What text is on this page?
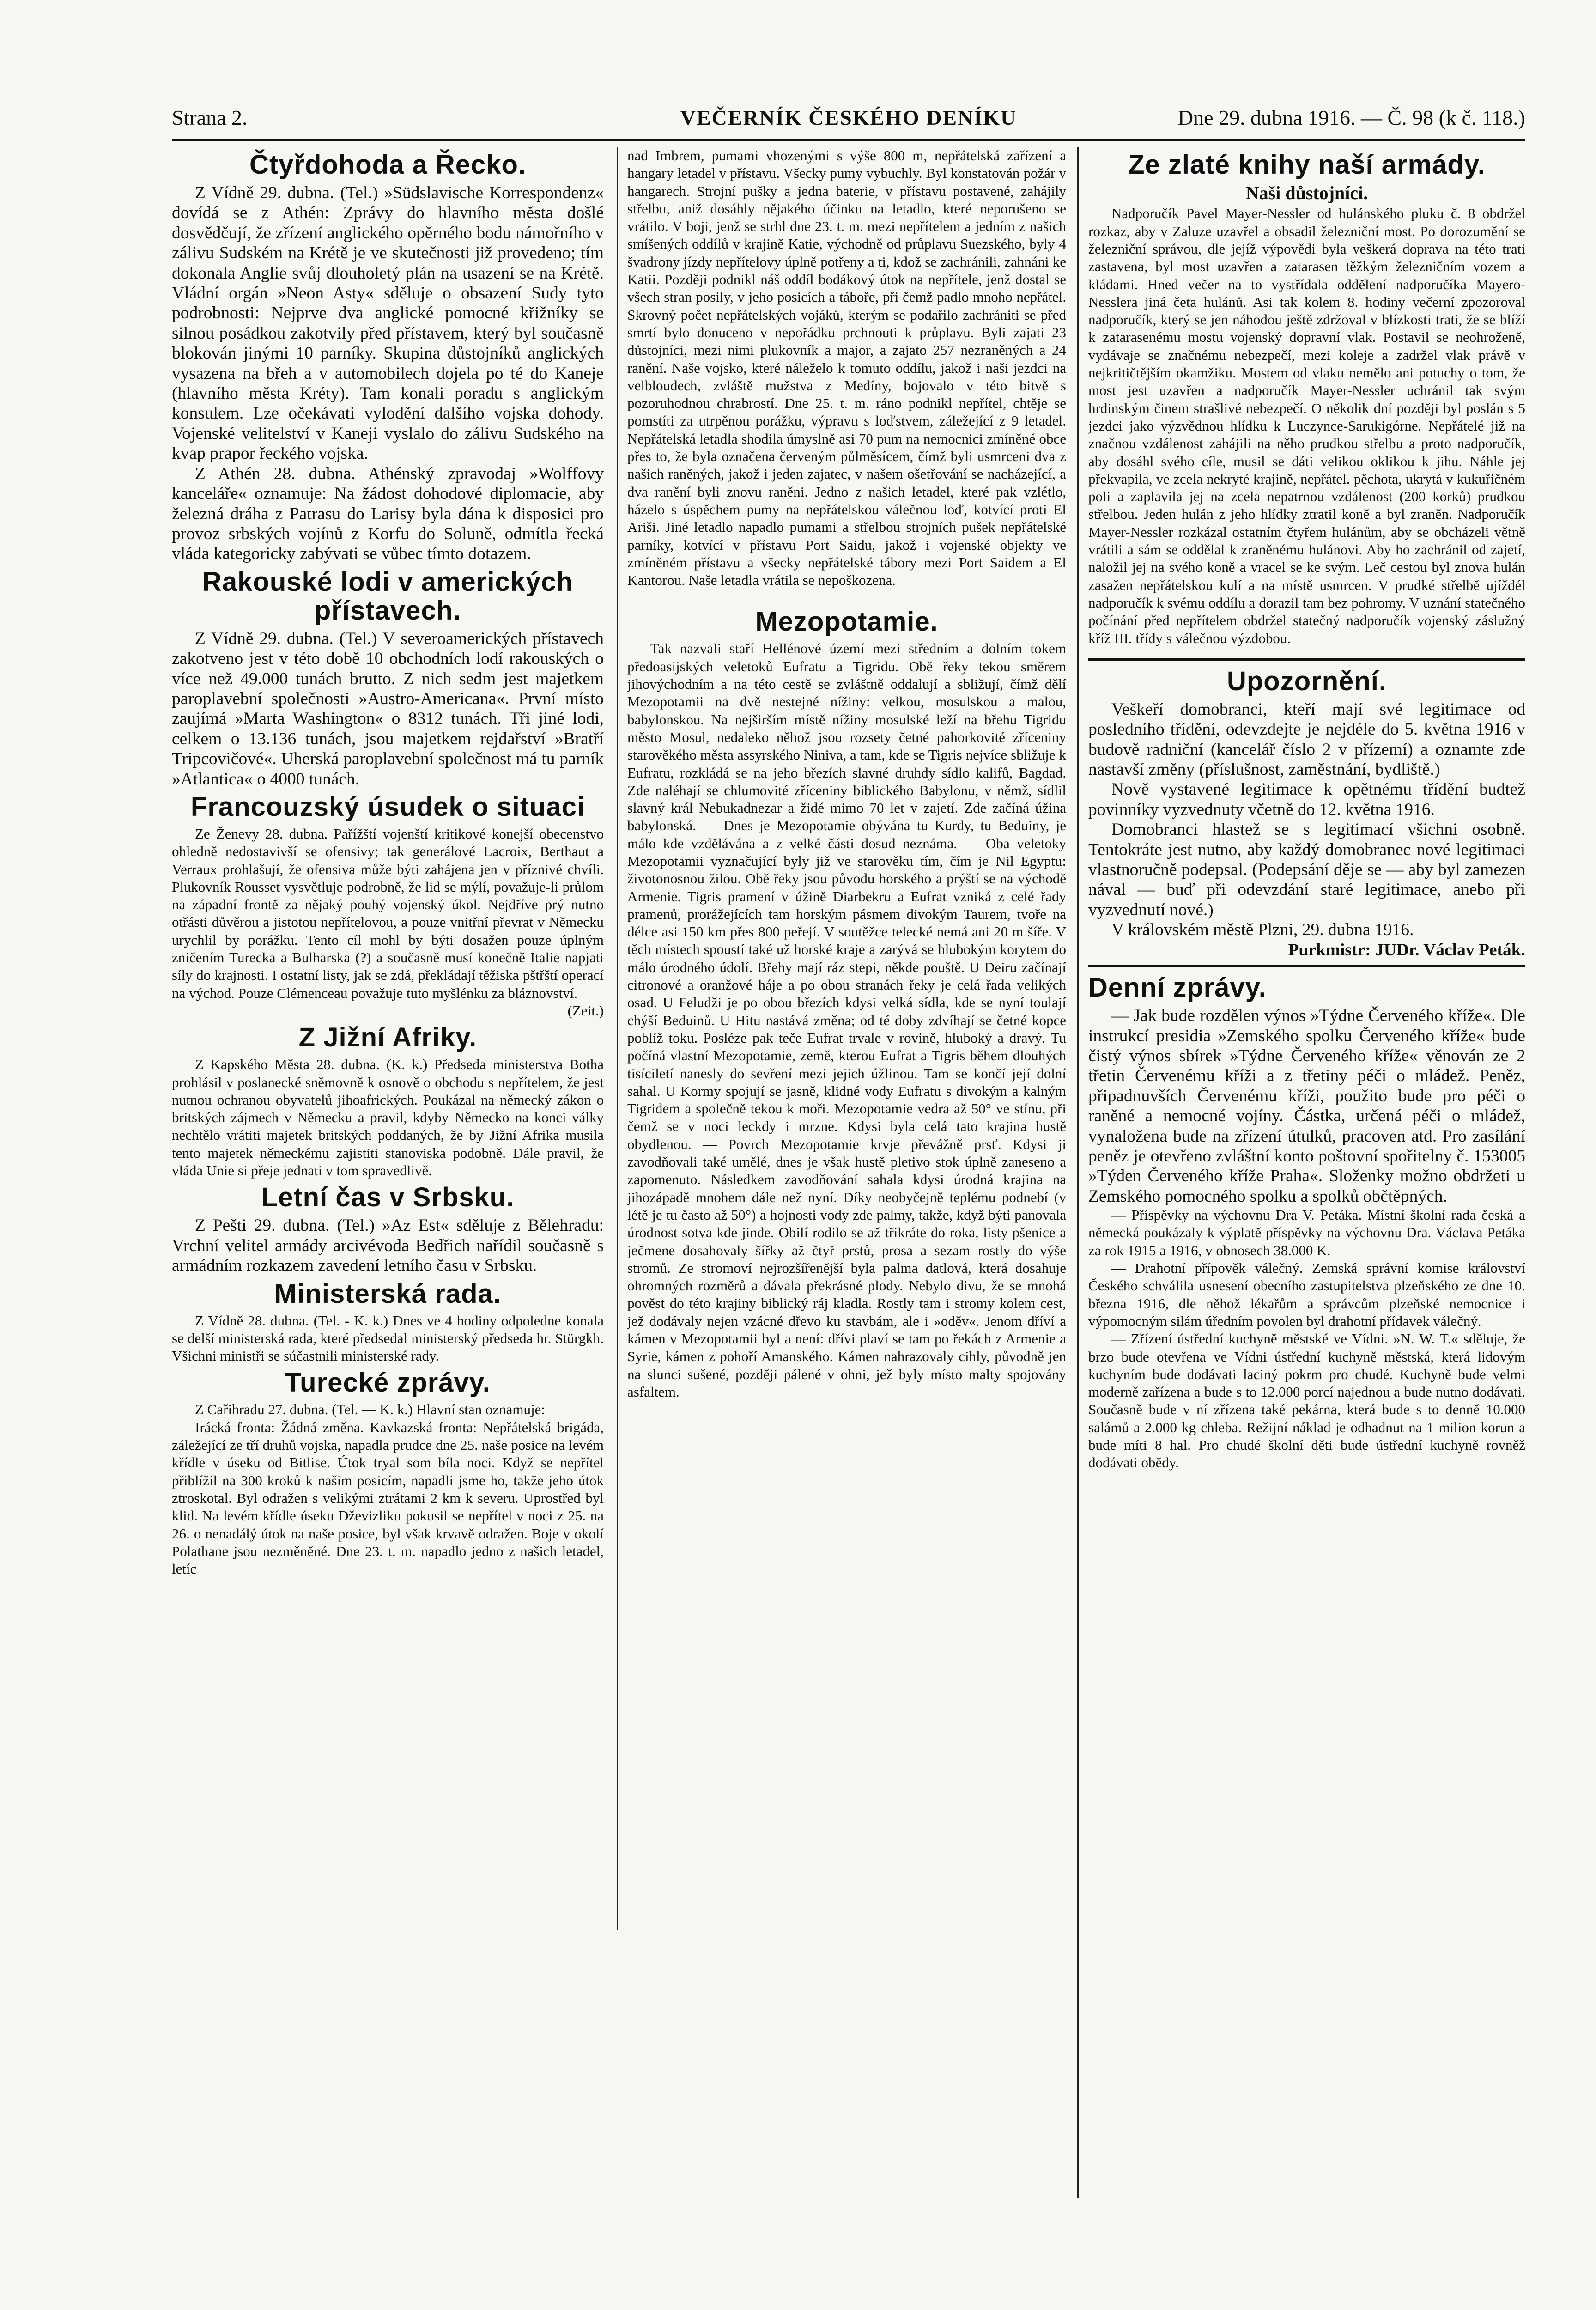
Strana 2.	VEČERNÍK ČESKÉHO DENÍKU	Dne 29. dubna 1916. — Č. 98 (k č. 118.)
Čtyřdohoda a Řecko.

Z Vídně 29. dubna. (Tel.) »Südslavische Korrespondenz« dovídá se z Athén: Zprávy do hlavního města došlé dosvědčují, že zřízení anglického opěrného bodu námořního v zálivu Sudském na Krétě je ve skutečnosti již provedeno; tím dokonala Anglie svůj dlouholetý plán na usazení se na Krétě. Vládní orgán »Neon Asty« sděluje o obsazení Sudy tyto podrobnosti: Nejprve dva anglické pomocné křižníky se silnou posádkou zakotvily před přístavem, který byl současně blokován jinými 10 parníky. Skupina důstojníků anglických vysazena na břeh a v automobilech dojela po té do Kaneje (hlavního města Kréty). Tam konali poradu s anglickým konsulem. Lze očekávati vylodění dalšího vojska dohody. Vojenské velitelství v Kaneji vyslalo do zálivu Sudského na kvap prapor řeckého vojska.

Z Athén 28. dubna. Athénský zpravodaj »Wolffovy kanceláře« oznamuje: Na žádost dohodové diplomacie, aby železná dráha z Patrasu do Larisy byla dána k disposici pro provoz srbských vojínů z Korfu do Soluně, odmítla řecká vláda kategoricky zabývati se vůbec tímto dotazem.

Rakouské lodi v amerických přístavech.

Z Vídně 29. dubna. (Tel.) V severoamerických přístavech zakotveno jest v této době 10 obchodních lodí rakouských o více než 49.000 tunách brutto. Z nich sedm jest majetkem paroplavební společnosti »Austro-Americana«. První místo zaujímá »Marta Washington« o 8312 tunách. Tři jiné lodi, celkem o 13.136 tunách, jsou majetkem rejdařství »Bratří Tripcovičové«. Uherská paroplavební společnost má tu parník »Atlantica« o 4000 tunách.

Francouzský úsudek o situaci

Ze Ženevy 28. dubna. Pařížští vojenští kritikové konejší obecenstvo ohledně nedostavivší se ofensivy; tak generálové Lacroix, Berthaut a Verraux prohlašují, že ofensiva může býti zahájena jen v příznivé chvíli. Plukovník Rousset vysvětluje podrobně, že lid se mýlí, považuje-li průlom na západní frontě za nějaký pouhý vojenský úkol. Nejdříve prý nutno otřásti důvěrou a jistotou nepřítelovou, a pouze vnitřní převrat v Německu urychlil by porážku. Tento cíl mohl by býti dosažen pouze úplným zničením Turecka a Bulharska (?) a současně musí konečně Italie napjati síly do krajnosti. I ostatní listy, jak se zdá, překládají těžiska pštřští operací na východ. Pouze Clémenceau považuje tuto myšlénku za bláznovství.

(Zeit.)
Z Jižní Afriky.

Z Kapského Města 28. dubna. (K. k.) Předseda ministerstva Botha prohlásil v poslanecké sněmovně k osnově o obchodu s nepřítelem, že jest nutnou ochranou obyvatelů jihoafrických. Poukázal na německý zákon o britských zájmech v Německu a pravil, kdyby Německo na konci války nechtělo vrátiti majetek britských poddaných, že by Jižní Afrika musila tento majetek německému zajistiti stanoviska podobně. Dále pravil, že vláda Unie si přeje jednati v tom spravedlivě.

Letní čas v Srbsku.

Z Pešti 29. dubna. (Tel.) »Az Est« sděluje z Bělehradu: Vrchní velitel armády arcivévoda Bedřich nařídil současně s armádním rozkazem zavedení letního času v Srbsku.

Ministerská rada.

Z Vídně 28. dubna. (Tel. - K. k.) Dnes ve 4 hodiny odpoledne konala se delší ministerská rada, které předsedal ministerský předseda hr. Stürgkh. Všichni ministři se súčastnili ministerské rady.

Turecké zprávy.

Z Cařihradu 27. dubna. (Tel. — K. k.) Hlavní stan oznamuje:

Irácká fronta: Žádná změna. Kavkazská fronta: Nepřátelská brigáda, záležející ze tří druhů vojska, napadla prudce dne 25. naše posice na levém křídle v úseku od Bitlise. Útok tryal som bíla noci. Když se nepřítel přiblížil na 300 kroků k našim posicím, napadli jsme ho, takže jeho útok ztroskotal. Byl odražen s velikými ztrátami 2 km k severu. Uprostřed byl klid. Na levém křídle úseku Dževizliku pokusil se nepřítel v noci z 25. na 26. o nenadálý útok na naše posice, byl však krvavě odražen. Boje v okolí Polathane jsou nezměněné. Dne 23. t. m. napadlo jedno z našich letadel, letíc

nad Imbrem, pumami vhozenými s výše 800 m, nepřátelská zařízení a hangary letadel v přístavu. Všecky pumy vybuchly. Byl konstatován požár v hangarech. Strojní pušky a jedna baterie, v přístavu postavené, zahájily střelbu, aniž dosáhly nějakého účinku na letadlo, které neporušeno se vrátilo. V boji, jenž se strhl dne 23. t. m. mezi nepřítelem a jedním z našich smíšených oddílů v krajině Katie, východně od průplavu Suezského, byly 4 švadrony jízdy nepřítelovy úplně potřeny a ti, kdož se zachránili, zahnáni ke Katii. Později podnikl náš oddíl bodákový útok na nepřítele, jenž dostal se všech stran posily, v jeho posicích a táboře, při čemž padlo mnoho nepřátel. Skrovný počet nepřátelských vojáků, kterým se podařilo zachrániti se před smrtí bylo donuceno v nepořádku prchnouti k průplavu. Byli zajati 23 důstojníci, mezi nimi plukovník a major, a zajato 257 nezraněných a 24 ranění. Naše vojsko, které náleželo k tomuto oddílu, jakož i naši jezdci na velbloudech, zvláště mužstva z Medíny, bojovalo v této bitvě s pozoruhodnou chrabrostí. Dne 25. t. m. ráno podnikl nepřítel, chtěje se pomstíti za utrpěnou porážku, výpravu s loďstvem, záležející z 9 letadel. Nepřátelská letadla shodila úmyslně asi 70 pum na nemocnici zmíněné obce přes to, že byla označena červeným půlměsícem, čímž byli usmrceni dva z našich raněných, jakož i jeden zajatec, v našem ošetřování se nacházející, a dva ranění byli znovu raněni. Jedno z našich letadel, které pak vzlétlo, házelo s úspěchem pumy na nepřátelskou válečnou loď, kotvící proti El Ariši. Jiné letadlo napadlo pumami a střelbou strojních pušek nepřátelské parníky, kotvící v přístavu Port Saidu, jakož i vojenské objekty ve zmíněném přístavu a všecky nepřátelské tábory mezi Port Saidem a El Kantorou. Naše letadla vrátila se nepoškozena.

Mezopotamie.

Tak nazvali staří Hellénové území mezi středním a dolním tokem předoasijských veletoků Eufratu a Tigridu. Obě řeky tekou směrem jihovýchodním a na této cestě se zvláštně oddalují a sbližují, čímž dělí Mezopotamii na dvě nestejné nížiny: velkou, mosulskou a malou, babylonskou. Na nejširším místě nížiny mosulské leží na břehu Tigridu město Mosul, nedaleko něhož jsou rozsety četné pahorkovité zříceniny starověkého města assyrského Niniva, a tam, kde se Tigris nejvíce sbližuje k Eufratu, rozkládá se na jeho březích slavné druhdy sídlo kalifů, Bagdad. Zde naléhají se chlumovité zříceniny biblického Babylonu, v němž, sídlil slavný král Nebukadnezar a židé mimo 70 let v zajetí. Zde začíná úžina babylonská. — Dnes je Mezopotamie obývána tu Kurdy, tu Beduiny, je málo kde vzdělávána a z velké části dosud neznáma. — Oba veletoky Mezopotamii vyznačující byly již ve starověku tím, čím je Nil Egyptu: životonosnou žilou. Obě řeky jsou původu horského a prýští se na východě Armenie. Tigris pramení v úžině Diarbekru a Eufrat vzniká z celé řady pramenů, prorážejících tam horským pásmem divokým Taurem, tvoře na délce asi 150 km přes 800 peřejí. V soutěžce telecké nemá ani 20 m šíře. V těch místech spoustí také už horské kraje a zarývá se hlubokým korytem do málo úrodného údolí. Břehy mají ráz stepi, někde pouště. U Deiru začínají citronové a oranžové háje a po obou stranách řeky je celá řada velikých osad. U Feludži je po obou březích kdysi velká sídla, kde se nyní toulají chýší Beduinů. U Hitu nastává změna; od té doby zdvíhají se četné kopce poblíž toku. Posléze pak teče Eufrat trvale v rovině, hluboký a dravý. Tu počíná vlastní Mezopotamie, země, kterou Eufrat a Tigris během dlouhých tisíciletí nanesly do sevření mezi jejich úžlinou. Tam se končí její dolní sahal. U Kormy spojují se jasně, klidné vody Eufratu s divokým a kalným Tigridem a společně tekou k moři. Mezopotamie vedra až 50° ve stínu, při čemž se v noci leckdy i mrzne. Kdysi byla celá tato krajina hustě obydlenou. — Povrch Mezopotamie krvje převážně prsť. Kdysi ji zavodňovali také umělé, dnes je však hustě pletivo stok úplně zaneseno a zapomenuto. Následkem zavodňování sahala kdysi úrodná krajina na jihozápadě mnohem dále než nyní. Díky neobyčejně teplému podnebí (v létě je tu často až 50°) a hojnosti vody zde palmy, takže, když býti panovala úrodnost sotva kde jinde. Obilí rodilo se až třikráte do roka, listy pšenice a ječmene dosahovaly šířky až čtyř prstů, prosa a sezam rostly do výše stromů. Ze stromoví nejrozšířenější byla palma datlová, která dosahuje ohromných rozměrů a dávala překrásné plody. Nebylo divu, že se mnohá pověst do této krajiny biblický ráj kladla. Rostly tam i stromy kolem cest, jež dodávaly nejen vzácné dřevo ku stavbám, ale i »oděv«. Jenom dříví a kámen v Mezopotamii byl a není: dřívi plaví se tam po řekách z Armenie a Syrie, kámen z pohoří Amanského. Kámen nahrazovaly cihly, původně jen na slunci sušené, později pálené v ohni, jež byly místo malty spojovány asfaltem.

Ze zlaté knihy naší armády.
Naši důstojníci.

Nadporučík Pavel Mayer-Nessler od hulánského pluku č. 8 obdržel rozkaz, aby v Zaluze uzavřel a obsadil železniční most. Po dorozumění se železniční správou, dle jejíž výpovědi byla veškerá doprava na této trati zastavena, byl most uzavřen a zatarasen těžkým železničním vozem a kládami. Hned večer na to vystřídala oddělení nadporučíka Mayero-Nesslera jiná četa hulánů. Asi tak kolem 8. hodiny večerní zpozoroval nadporučík, který se jen náhodou ještě zdržoval v blízkosti trati, že se blíží k zatarasenému mostu vojenský dopravní vlak. Postavil se neohroženě, vydávaje se značnému nebezpečí, mezi koleje a zadržel vlak právě v nejkritičtějším okamžiku. Mostem od vlaku nemělo ani potuchy o tom, že most jest uzavřen a nadporučík Mayer-Nessler uchránil tak svým hrdinským činem strašlivé nebezpečí. O několik dní později byl poslán s 5 jezdci jako výzvědnou hlídku k Luczynce-Sarukigórne. Nepřátelé již na značnou vzdálenost zahájili na něho prudkou střelbu a proto nadporučík, aby dosáhl svého cíle, musil se dáti velikou oklikou k jihu. Náhle jej překvapila, ve zcela nekryté krajině, nepřátel. pěchota, ukrytá v kukuřičném poli a zaplavila jej na zcela nepatrnou vzdálenost (200 korků) prudkou střelbou. Jeden hulán z jeho hlídky ztratil koně a byl zraněn. Nadporučík Mayer-Nessler rozkázal ostatním čtyřem hulánům, aby se obcházeli větně vrátili a sám se oddělal k zraněnému hulánovi. Aby ho zachránil od zajetí, naložil jej na svého koně a vracel se ke svým. Leč cestou byl znova hulán zasažen nepřátelskou kulí a na místě usmrcen. V prudké střelbě ujíždél nadporučík k svému oddílu a dorazil tam bez pohromy. V uznání statečného počínání před nepřítelem obdržel statečný nadporučík vojenský záslužný kříž III. třídy s válečnou výzdobou.

Upozornění.

Veškeří domobranci, kteří mají své legitimace od posledního třídění, odevzdejte je nejdéle do 5. května 1916 v budově radniční (kancelář číslo 2 v přízemí) a oznamte zde nastavší změny (příslušnost, zaměstnání, bydliště.)

Nově vystavené legitimace k opětnému třídění budtež povinníky vyzvednuty včetně do 12. května 1916.

Domobranci hlastež se s legitimací všichni osobně. Tentokráte jest nutno, aby každý domobranec nové legitimaci vlastnoručně podepsal. (Podepsání děje se — aby byl zamezen nával — buď při odevzdání staré legitimace, anebo při vyzvednutí nové.)

V královském městě Plzni, 29. dubna 1916.

Purkmistr: JUDr. Václav Peták.
Denní zprávy.

— Jak bude rozdělen výnos »Týdne Červeného kříže«. Dle instrukcí presidia »Zemského spolku Červeného kříže« bude čistý výnos sbírek »Týdne Červeného kříže« věnován ze 2 třetin Červenému kříži a z třetiny péči o mládež. Peněz, připadnuvších Červenému kříži, použito bude pro péči o raněné a nemocné vojíny. Částka, určená péči o mládež, vynaložena bude na zřízení útulků, pracoven atd. Pro zasílání peněz je otevřeno zvláštní konto poštovní spořitelny č. 153005 »Týden Červeného kříže Praha«. Složenky možno obdržeti u Zemského pomocného spolku a spolků občtěpných.

— Příspěvky na výchovnu Dra V. Petáka. Místní školní rada česká a německá poukázaly k výplatě příspěvky na výchovnu Dra. Václava Petáka za rok 1915 a 1916, v obnosech 38.000 K.

— Drahotní přípověk válečný. Zemská správní komise království Českého schválila usnesení obecního zastupitelstva plzeňského ze dne 10. března 1916, dle něhož lékařům a správcům plzeňské nemocnice i výpomocným silám úředním povolen byl drahotní přídavek válečný.

— Zřízení ústřední kuchyně městské ve Vídni. »N. W. T.« sděluje, že brzo bude otevřena ve Vídni ústřední kuchyně městská, která lidovým kuchyním bude dodávati laciný pokrm pro chudé. Kuchyně bude velmi moderně zařízena a bude s to 12.000 porcí najednou a bude nutno dodávati. Současně bude v ní zřízena také pekárna, která bude s to denně 10.000 salámů a 2.000 kg chleba. Režijní náklad je odhadnut na 1 milion korun a bude míti 8 hal. Pro chudé školní děti bude ústřední kuchyně rovněž dodávati obědy.
